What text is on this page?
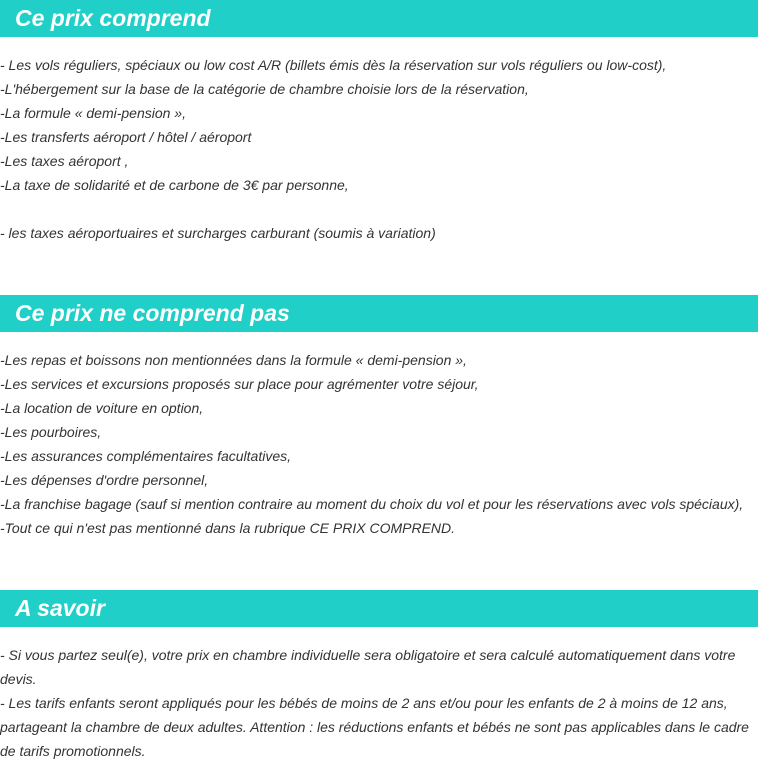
Ce prix comprend
- Les vols réguliers, spéciaux ou low cost A/R (billets émis dès la réservation sur vols réguliers ou low-cost),
-L'hébergement sur la base de la catégorie de chambre choisie lors de la réservation,
-La formule « demi-pension »,
-Les transferts aéroport / hôtel / aéroport
-Les taxes aéroport ,
-La taxe de solidarité et de carbone de 3€ par personne,
- les taxes aéroportuaires et surcharges carburant (soumis à variation)
Ce prix ne comprend pas
-Les repas et boissons non mentionnées dans la formule « demi-pension »,
-Les services et excursions proposés sur place pour agrémenter votre séjour,
-La location de voiture en option,
-Les pourboires,
-Les assurances complémentaires facultatives,
-Les dépenses d'ordre personnel,
-La franchise bagage (sauf si mention contraire au moment du choix du vol et pour les réservations avec vols spéciaux),
-Tout ce qui n'est pas mentionné dans la rubrique CE PRIX COMPREND.
A savoir

- Si vous partez seul(e), votre prix en chambre individuelle sera obligatoire et sera calculé automatiquement dans votre devis.

- Les tarifs enfants seront appliqués pour les bébés de moins de 2 ans et/ou pour les enfants de 2 à moins de 12 ans, partageant la chambre de deux adultes. Attention : les réductions enfants et bébés ne sont pas applicables dans le cadre de tarifs promotionnels.
